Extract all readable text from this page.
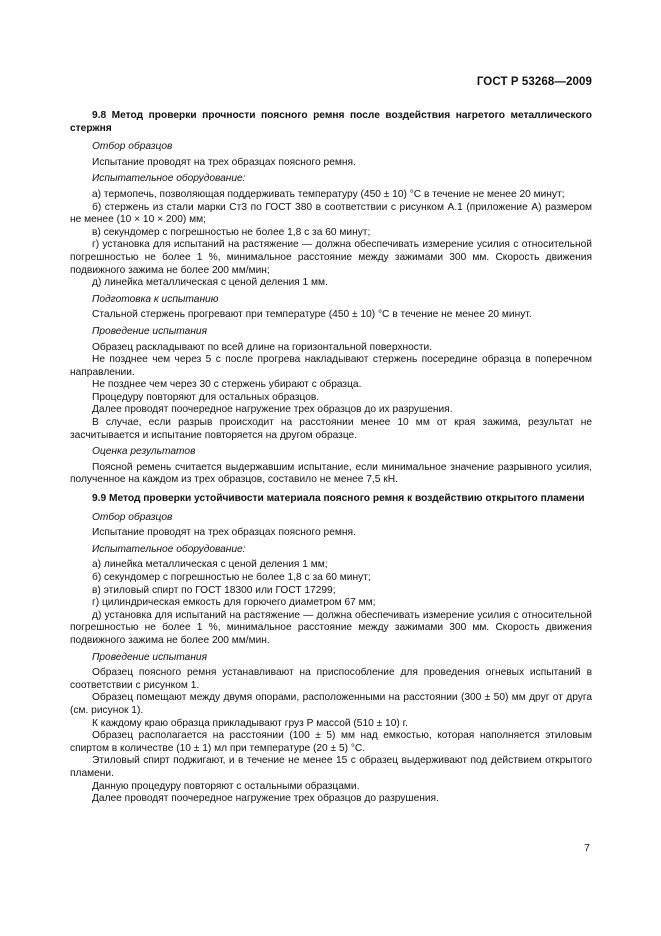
ГОСТ Р 53268—2009
9.8 Метод проверки прочности поясного ремня после воздействия нагретого металлического стержня
Отбор образцов

Испытание проводят на трех образцах поясного ремня.

Испытательное оборудование:

а) термопечь, позволяющая поддерживать температуру (450 ± 10) °С в течение не менее 20 минут;

б) стержень из стали марки Ст3 по ГОСТ 380 в соответствии с рисунком А.1 (приложение А) размером не менее (10 × 10 × 200) мм;

в) секундомер с погрешностью не более 1,8 с за 60 минут;

г) установка для испытаний на растяжение — должна обеспечивать измерение усилия с относительной погрешностью не более 1 %, минимальное расстояние между зажимами 300 мм. Скорость движения подвижного зажима не более 200 мм/мин;

д) линейка металлическая с ценой деления 1 мм.

Подготовка к испытанию

Стальной стержень прогревают при температуре (450 ± 10) °С в течение не менее 20 минут.

Проведение испытания

Образец раскладывают по всей длине на горизонтальной поверхности.

Не позднее чем через 5 с после прогрева накладывают стержень посередине образца в поперечном направлении.

Не позднее чем через 30 с стержень убирают с образца.

Процедуру повторяют для остальных образцов.

Далее проводят поочередное нагружение трех образцов до их разрушения.

В случае, если разрыв происходит на расстоянии менее 10 мм от края зажима, результат не засчитывается и испытание повторяется на другом образце.

Оценка результатов

Поясной ремень считается выдержавшим испытание, если минимальное значение разрывного усилия, полученное на каждом из трех образцов, составило не менее 7,5 кН.

9.9 Метод проверки устойчивости материала поясного ремня к воздействию открытого пламени
Отбор образцов

Испытание проводят на трех образцах поясного ремня.

Испытательное оборудование:

а) линейка металлическая с ценой деления 1 мм;

б) секундомер с погрешностью не более 1,8 с за 60 минут;

в) этиловый спирт по ГОСТ 18300 или ГОСТ 17299;

г) цилиндрическая емкость для горючего диаметром 67 мм;

д) установка для испытаний на растяжение — должна обеспечивать измерение усилия с относительной погрешностью не более 1 %, минимальное расстояние между зажимами 300 мм. Скорость движения подвижного зажима не более 200 мм/мин.

Проведение испытания

Образец поясного ремня устанавливают на приспособление для проведения огневых испытаний в соответствии с рисунком 1.

Образец помещают между двумя опорами, расположенными на расстоянии (300 ± 50) мм друг от друга (см. рисунок 1).

К каждому краю образца прикладывают груз Р массой (510 ± 10) г.

Образец располагается на расстоянии (100 ± 5) мм над емкостью, которая наполняется этиловым спиртом в количестве (10 ± 1) мл при температуре (20 ± 5) °С.

Этиловый спирт поджигают, и в течение не менее 15 с образец выдерживают под действием открытого пламени.

Данную процедуру повторяют с остальными образцами.

Далее проводят поочередное нагружение трех образцов до разрушения.

7
